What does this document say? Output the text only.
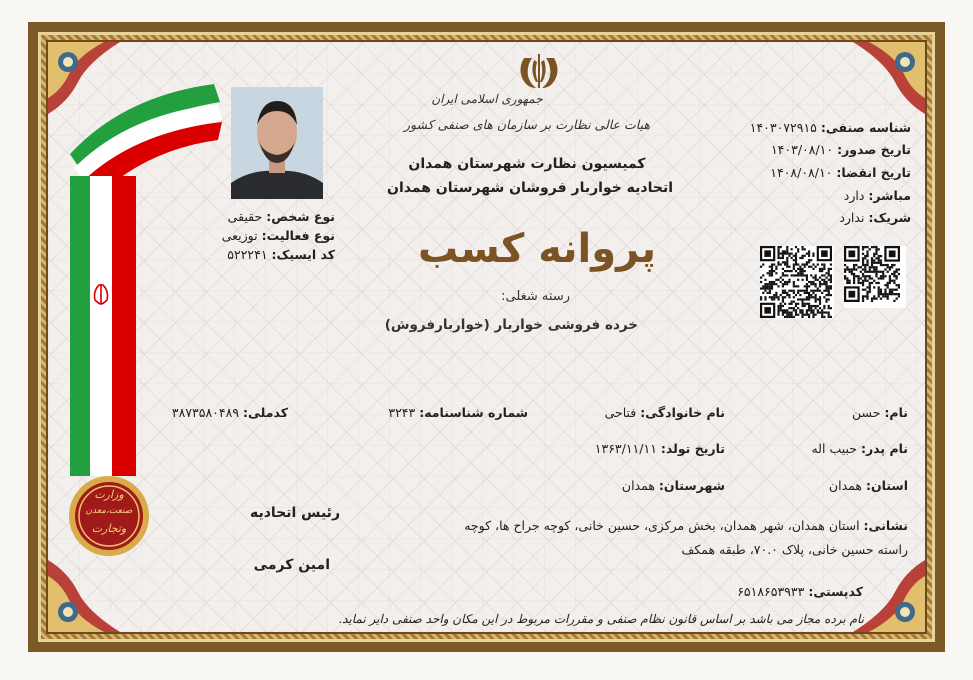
وزارت
صنعت،معدن
وتجارت
نوع شخص: حقیقی
نوع فعالیت: توزیعی
کد ایسیک: ۵۲۲۲۴۱
جمهوری اسلامی ایران
هیات عالی نظارت بر سازمان های صنفی کشور
کمیسیون نظارت شهرستان همدان
اتحادیه خواربار فروشان شهرستان همدان
پروانه کسب
رسته شغلی:
خرده فروشی خواربار (خواربارفروش)
شناسه صنفی: ۱۴۰۳۰۷۲۹۱۵
تاریخ صدور: ۱۴۰۳/۰۸/۱۰
تاریخ انقضا: ۱۴۰۸/۰۸/۱۰
مباشر: دارد
شریک: ندارد
نام: حسن
نام خانوادگی: فتاحی
شماره شناسنامه: ۳۲۴۳
کدملی: ۳۸۷۳۵۸۰۴۸۹
نام پدر: حبیب اله
تاریخ تولد: ۱۳۶۳/۱۱/۱۱
استان: همدان
شهرستان: همدان
نشانی: استان همدان، شهر همدان، بخش مرکزی، حسین خانی، کوچه جراح ها، کوچه
راسته حسین خانی، پلاک ۷۰.۰، طبقه همکف
کدپستی: ۶۵۱۸۶۵۳۹۳۳
رئیس اتحادیه
امین کرمی
نام برده مجاز می باشد بر اساس قانون نظام صنفی و مقررات مربوط در این مکان واحد صنفی دایر نماید.
